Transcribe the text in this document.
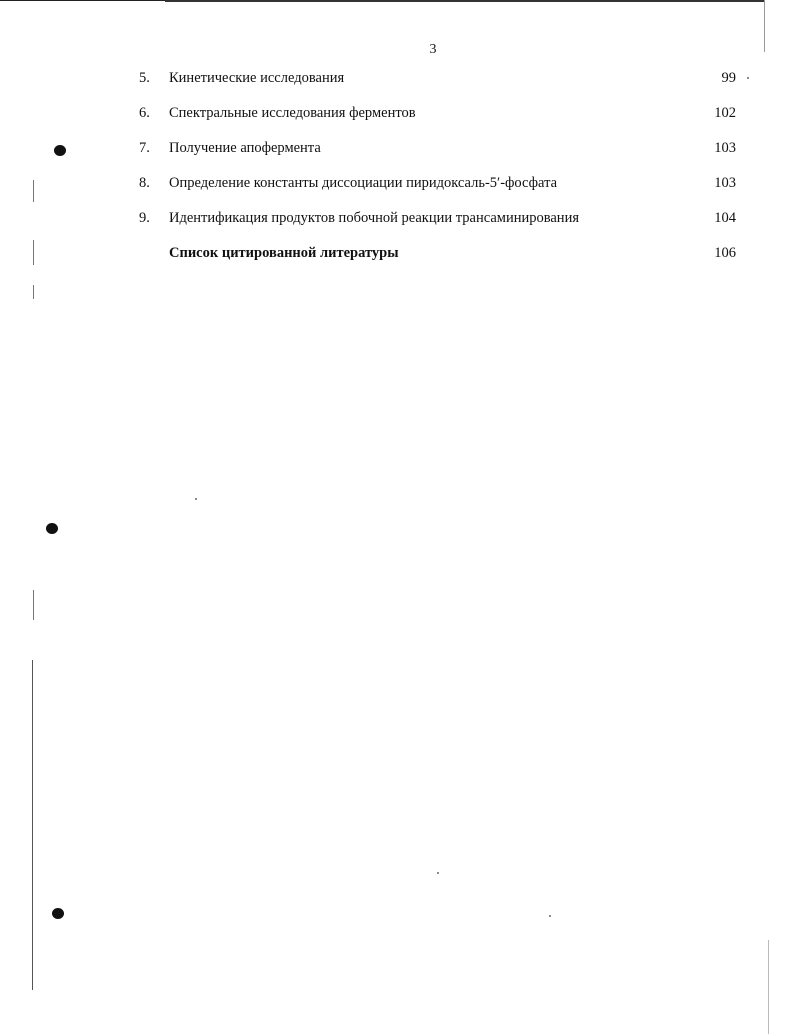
3
5.	Кинетические исследования	99
6.	Спектральные исследования ферментов	102
7.	Получение апофермента	103
8.	Определение константы диссоциации пиридоксаль-5′-фосфата	103
9.	Идентификация продуктов побочной реакции трансаминирования	104
Список цитированной литературы	106
